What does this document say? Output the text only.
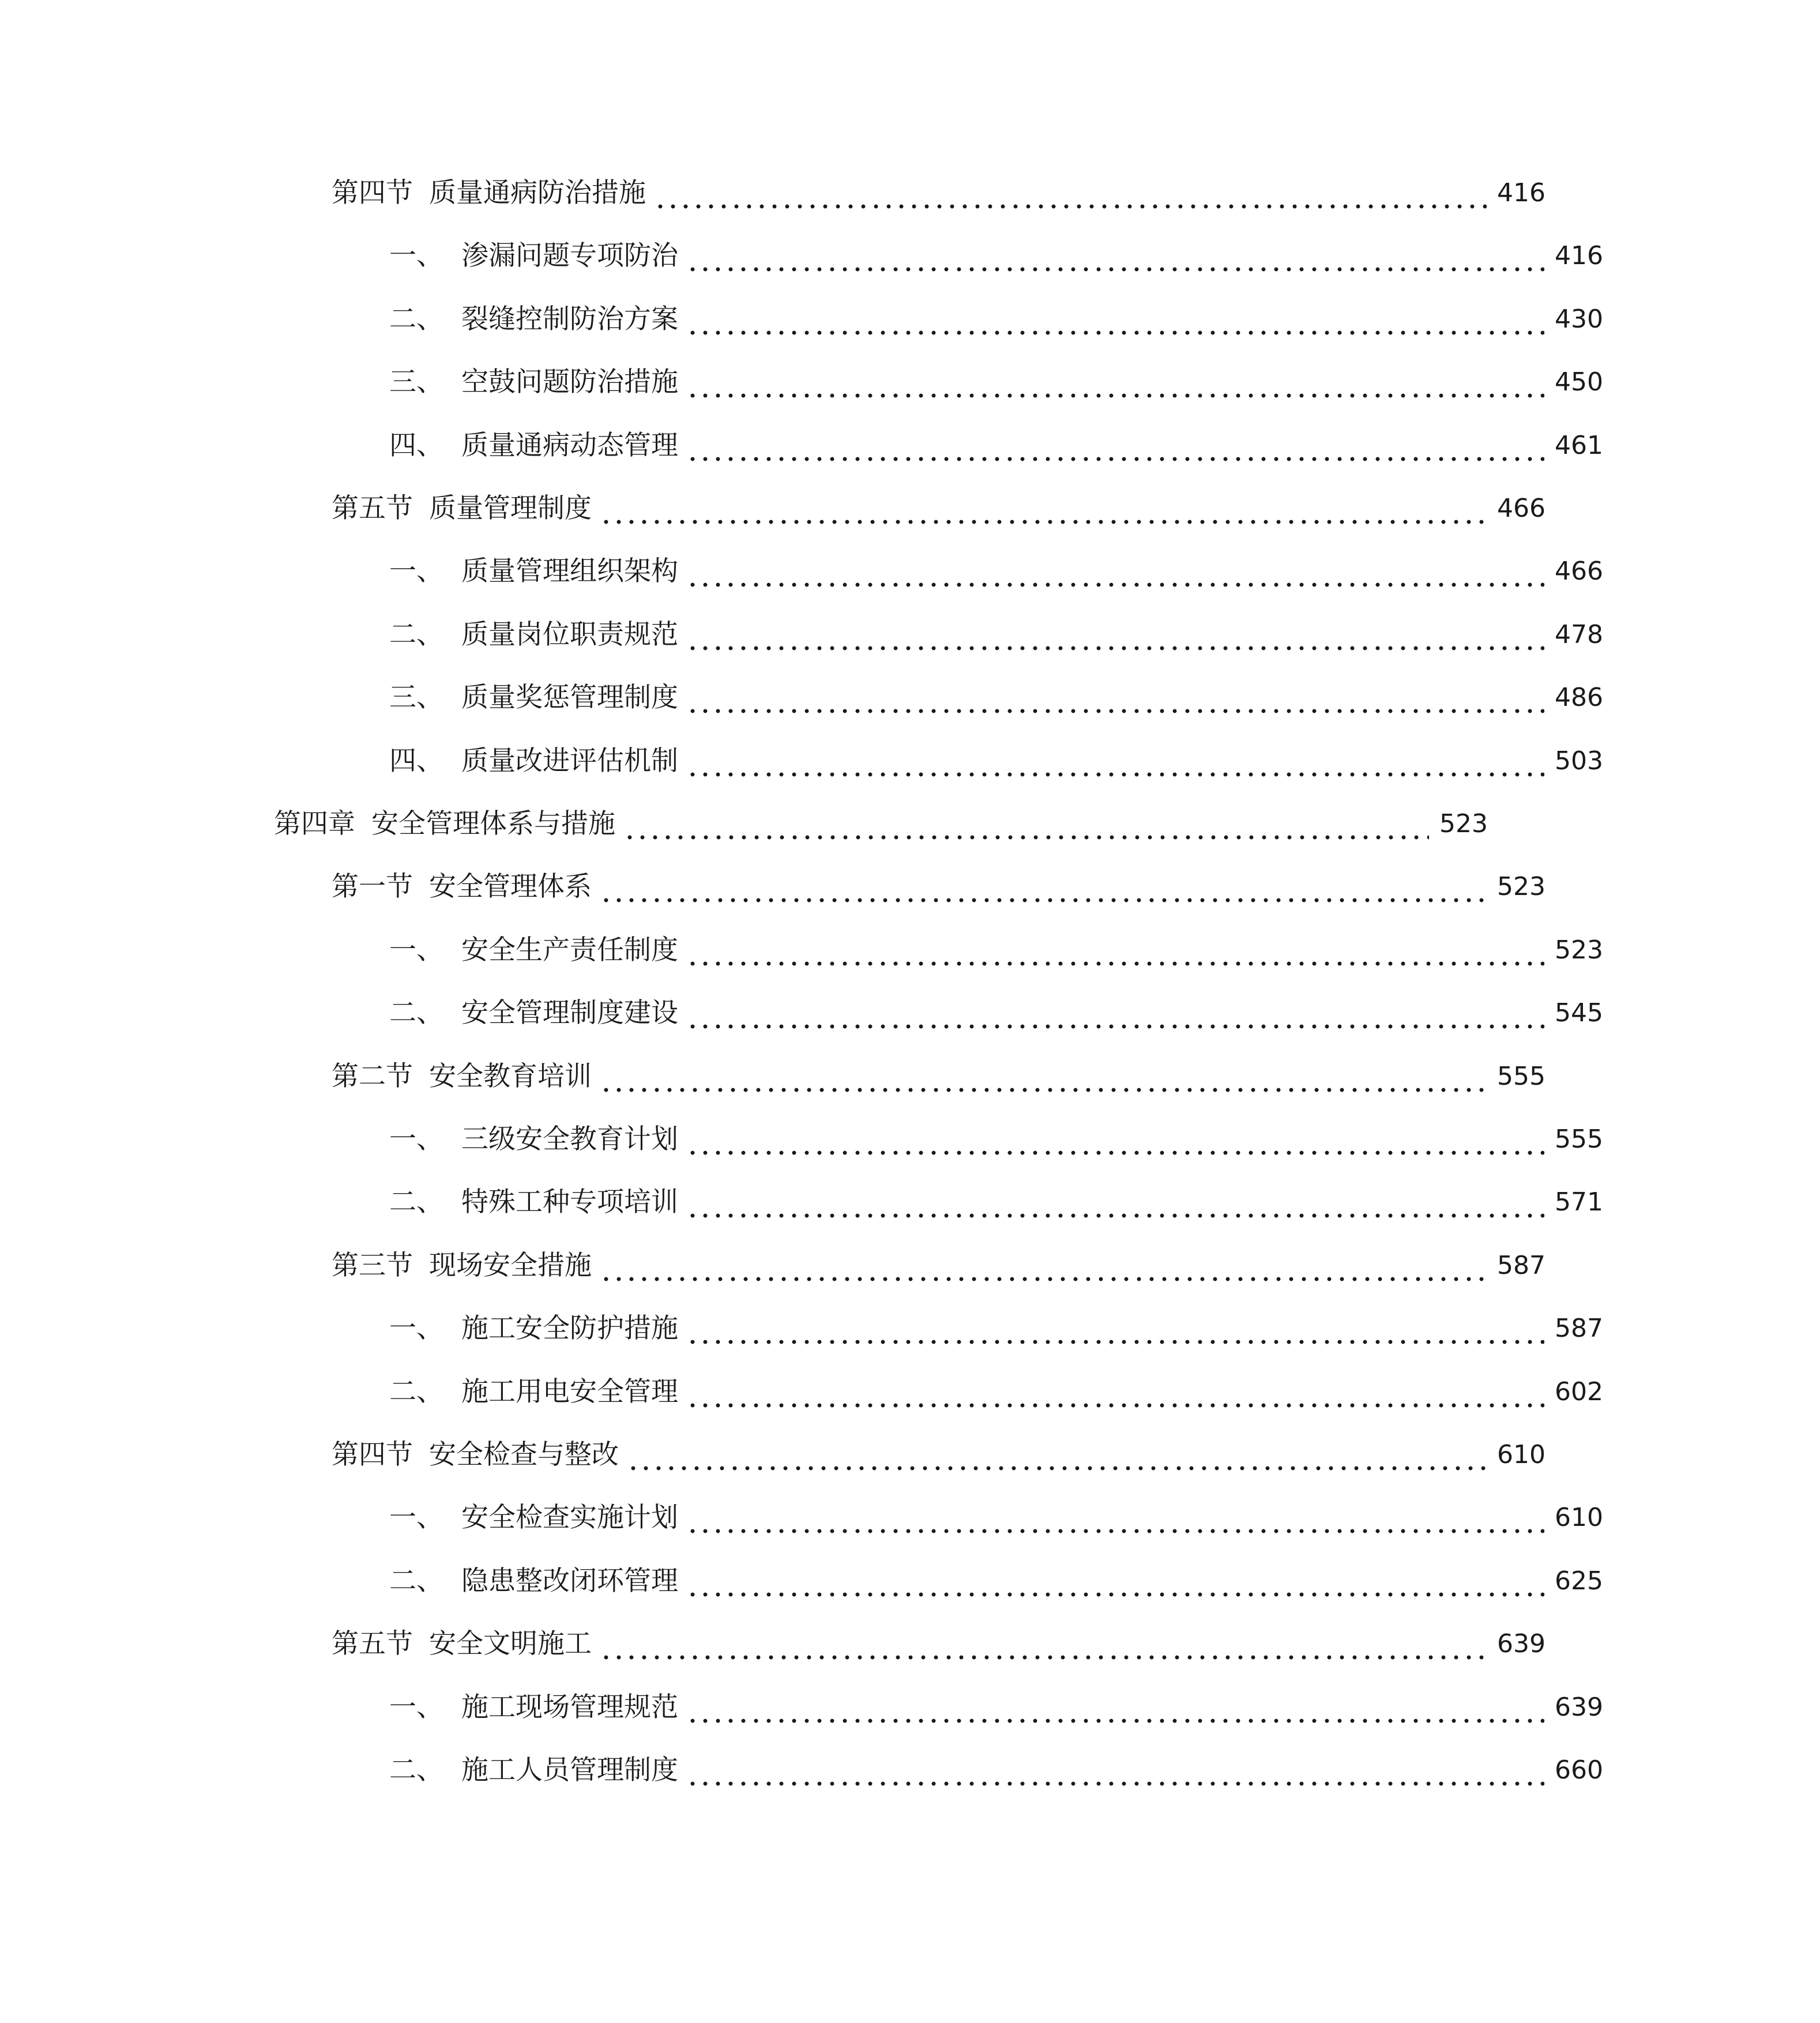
第四节 质量通病防治措施	416
一、 渗漏问题专项防治	416
二、 裂缝控制防治方案	430
三、 空鼓问题防治措施	450
四、 质量通病动态管理	461
第五节 质量管理制度	466
一、 质量管理组织架构	466
二、 质量岗位职责规范	478
三、 质量奖惩管理制度	486
四、 质量改进评估机制	503
第四章 安全管理体系与措施	523
第一节 安全管理体系	523
一、 安全生产责任制度	523
二、 安全管理制度建设	545
第二节 安全教育培训	555
一、 三级安全教育计划	555
二、 特殊工种专项培训	571
第三节 现场安全措施	587
一、 施工安全防护措施	587
二、 施工用电安全管理	602
第四节 安全检查与整改	610
一、 安全检查实施计划	610
二、 隐患整改闭环管理	625
第五节 安全文明施工	639
一、 施工现场管理规范	639
二、 施工人员管理制度	660
